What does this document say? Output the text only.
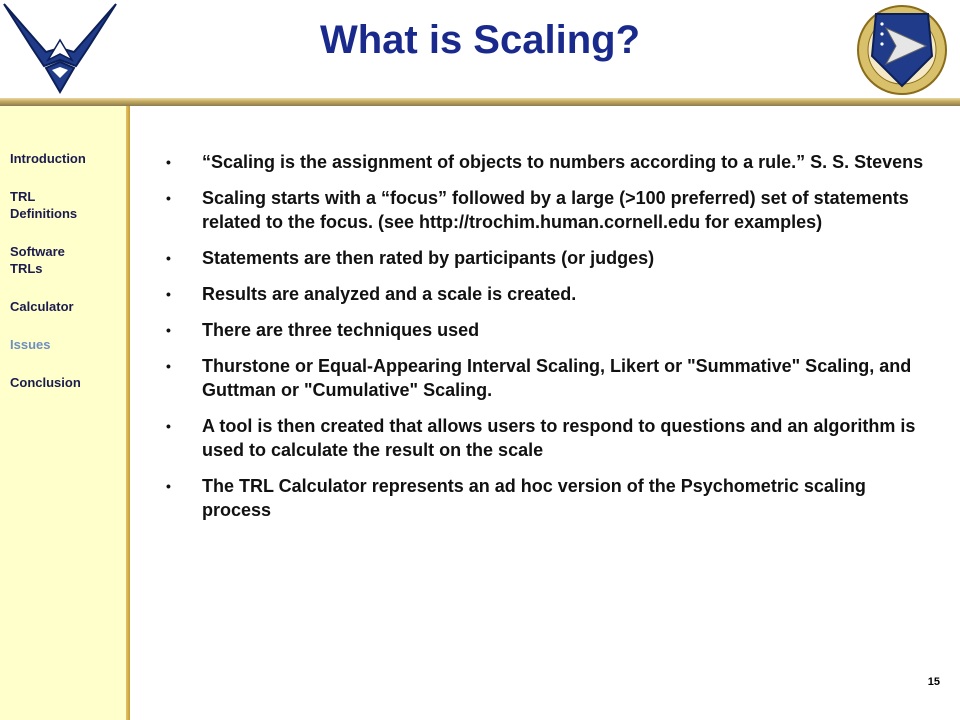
What is Scaling?
Introduction
TRL Definitions
Software TRLs
Calculator
Issues
Conclusion
• “Scaling is the assignment of objects to numbers according to a rule.” S. S. Stevens
• Scaling starts with a “focus” followed by a large (>100 preferred) set of statements related to the focus. (see http://trochim.human.cornell.edu for examples)
• Statements are then rated by participants (or judges)
• Results are analyzed and a scale is created.
• There are three techniques used
• Thurstone or Equal-Appearing Interval Scaling, Likert or "Summative" Scaling, and Guttman or "Cumulative" Scaling.
• A tool is then created that allows users to respond to questions and an algorithm is used to calculate the result on the scale
• The TRL Calculator represents an ad hoc version of the Psychometric scaling process
15
